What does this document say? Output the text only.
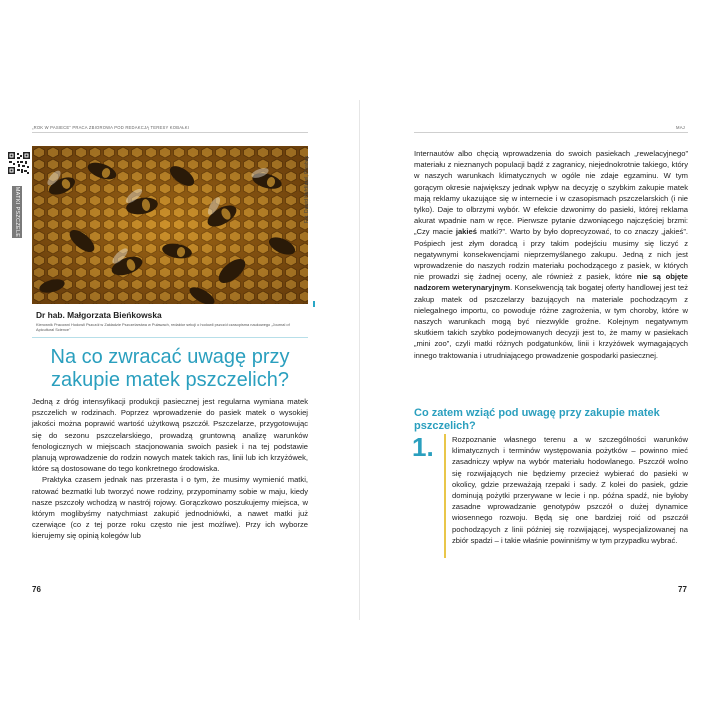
„ROK W PASIECE” PRACA ZBIOROWA POD REDAKCJĄ TERESY KOBAŁKI
MATKI PSZCZELE	Fot. Dawid Hafdützel, Pixabay
Dr hab. Małgorzata Bieńkowska
Kierownik Pracowni Hodowli Pszczół w Zakładzie Pszczelarstwa w Puławach, redaktor sekcji o hodowli pszczół czasopisma naukowego „Journal of Apicultural Science”
Na co zwracać uwagę przy zakupie matek pszczelich?

Jedną z dróg intensyfikacji produkcji pasiecznej jest regularna wymiana matek pszczelich w rodzinach. Poprzez wprowadzenie do pasiek matek o wysokiej jakości można poprawić wartość użytkową pszczół. Pszczelarze, przygotowując się do sezonu pszczelarskiego, prowadzą gruntowną analizę warunków fenologicznych w miejscach stacjonowania swoich pasiek i na tej podstawie planują wprowadzenie do rodzin nowych matek takich ras, linii lub ich krzyżówek, które są dostosowane do tego konkretnego środowiska.

Praktyka czasem jednak nas przerasta i o tym, że musimy wymienić matki, ratować bezmatki lub tworzyć nowe rodziny, przypominamy sobie w maju, kiedy nasze pszczoły wchodzą w nastrój rojowy. Gorączkowo poszukujemy miejsca, w którym moglibyśmy natychmiast zakupić jednodniówki, a nawet matki już czerwiące (co z tej porze roku często nie jest możliwe). Przy ich wyborze kierujemy się opinią kolegów lub

76
MAJ

Internautów albo chęcią wprowadzenia do swoich pasiekach „rewelacyjnego” materiału z nieznanych populacji bądź z zagranicy, niejednokrotnie takiego, który w naszych warunkach klimatycznych w ogóle nie zdaje egzaminu. W tym gorącym okresie największy jednak wpływ na decyzję o szybkim zakupie matek mają reklamy ukazujące się w internecie i w czasopismach pszczelarskich (i nie tylko). Daje to olbrzymi wybór. W efekcie dzwonimy do pasieki, której reklama akurat wpadnie nam w ręce. Pierwsze pytanie dzwoniącego najczęściej brzmi: „Czy macie jakieś matki?”. Warto by było doprecyzować, to co znaczy „jakieś”. Pośpiech jest złym doradcą i przy takim podejściu musimy się liczyć z negatywnymi konsekwencjami nieprzemyślanego zakupu. Jedną z nich jest wprowadzenie do naszych rodzin materiału pochodzącego z pasiek, w których nie prowadzi się żadnej oceny, ale również z pasiek, które nie są objęte nadzorem weterynaryjnym. Konsekwencją tak bogatej oferty handlowej jest też zakup matek od pszczelarzy bazujących na materiale pochodzącym z nielegalnego importu, co powoduje różne zagrożenia, w tym choroby, które w naszych warunkach mogą być niezwykle groźne. Kolejnym negatywnym skutkiem takich szybko podejmowanych decyzji jest to, że mamy w pasiekach „mini zoo”, czyli matki różnych podgatunków, linii i krzyżówek wymagających innego traktowania i utrudniającego prowadzenie gospodarki pasiecznej.

Co zatem wziąć pod uwagę przy zakupie matek pszczelich?
1. Rozpoznanie własnego terenu a w szczególności warunków klimatycznych i terminów występowania pożytków – powinno mieć zasadniczy wpływ na wybór materiału hodowlanego. Pszczół wolno się rozwijających nie będziemy przecież wybierać do pasieki w okolicy, gdzie przeważają rzepaki i sady. Z kolei do pasiek, gdzie dominują pożytki przerywane w lecie i np. późna spadź, nie byłoby zasadne wprowadzanie genotypów pszczół o dużej dynamice wiosennego rozwoju. Będą się one bardziej roić od pszczół pochodzących z linii później się rozwijającej, wyspecjalizowanej na zbiór spadzi – i takie właśnie powinniśmy w tym przypadku wybrać.

77
